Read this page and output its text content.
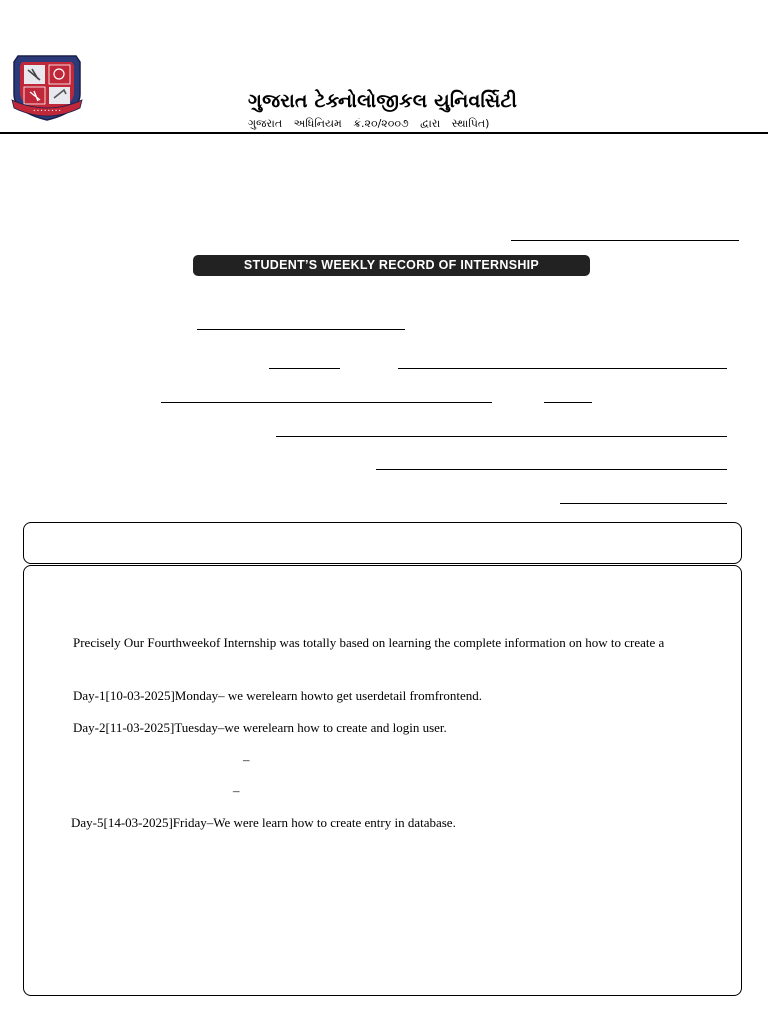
• • • • • • • •	ગુજરાત ટેક્નોલોજીકલ યુનિવર્સિટી
ગુજરાત અધિનિયમ ક્રં.૨૦/૨૦૦૭ દ્વારા સ્થાપિત)
STUDENT’S WEEKLY RECORD OF INTERNSHIP
Precisely Our Fourthweekof Internship was totally based on learning the complete information on how to create a
Day-1[10-03-2025]Monday– we werelearn howto get userdetail fromfrontend.
Day-2[11-03-2025]Tuesday–we werelearn how to create and login user.
–
–
Day-5[14-03-2025]Friday–We were learn how to create entry in database.
